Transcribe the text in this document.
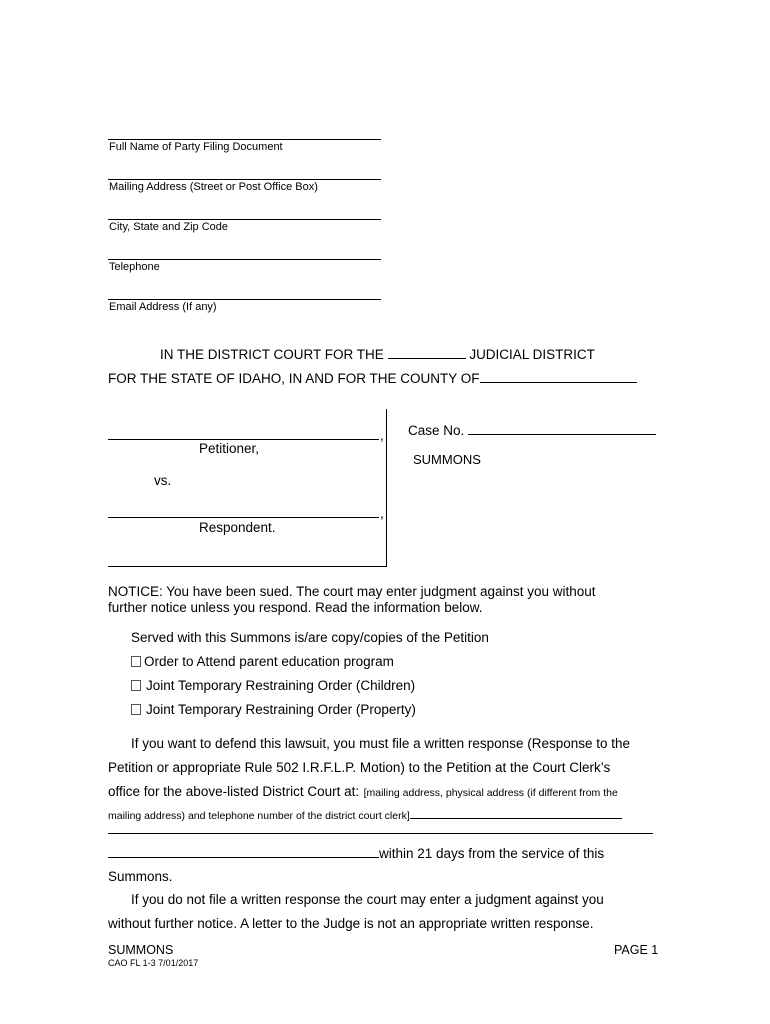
Full Name of Party Filing Document
Mailing Address (Street or Post Office Box)
City, State and Zip Code
Telephone
Email Address (If any)
IN THE DISTRICT COURT FOR THE	JUDICIAL DISTRICT
FOR THE STATE OF IDAHO, IN AND FOR THE COUNTY OF
,
Petitioner,
vs.
,
Respondent.
Case No.
SUMMONS
NOTICE: You have been sued. The court may enter judgment against you without
further notice unless you respond. Read the information below.
Served with this Summons is/are copy/copies of the Petition
Order to Attend parent education program
Joint Temporary Restraining Order (Children)
Joint Temporary Restraining Order (Property)
If you want to defend this lawsuit, you must file a written response (Response to the
Petition or appropriate Rule 502 I.R.F.L.P. Motion) to the Petition at the Court Clerk’s
office for the above-listed District Court at: [mailing address, physical address (if different from the
mailing address) and telephone number of the district court clerk]
within 21 days from the service of this
Summons.
If you do not file a written response the court may enter a judgment against you
without further notice. A letter to the Judge is not an appropriate written response.
SUMMONS	PAGE 1
CAO FL 1-3 7/01/2017
